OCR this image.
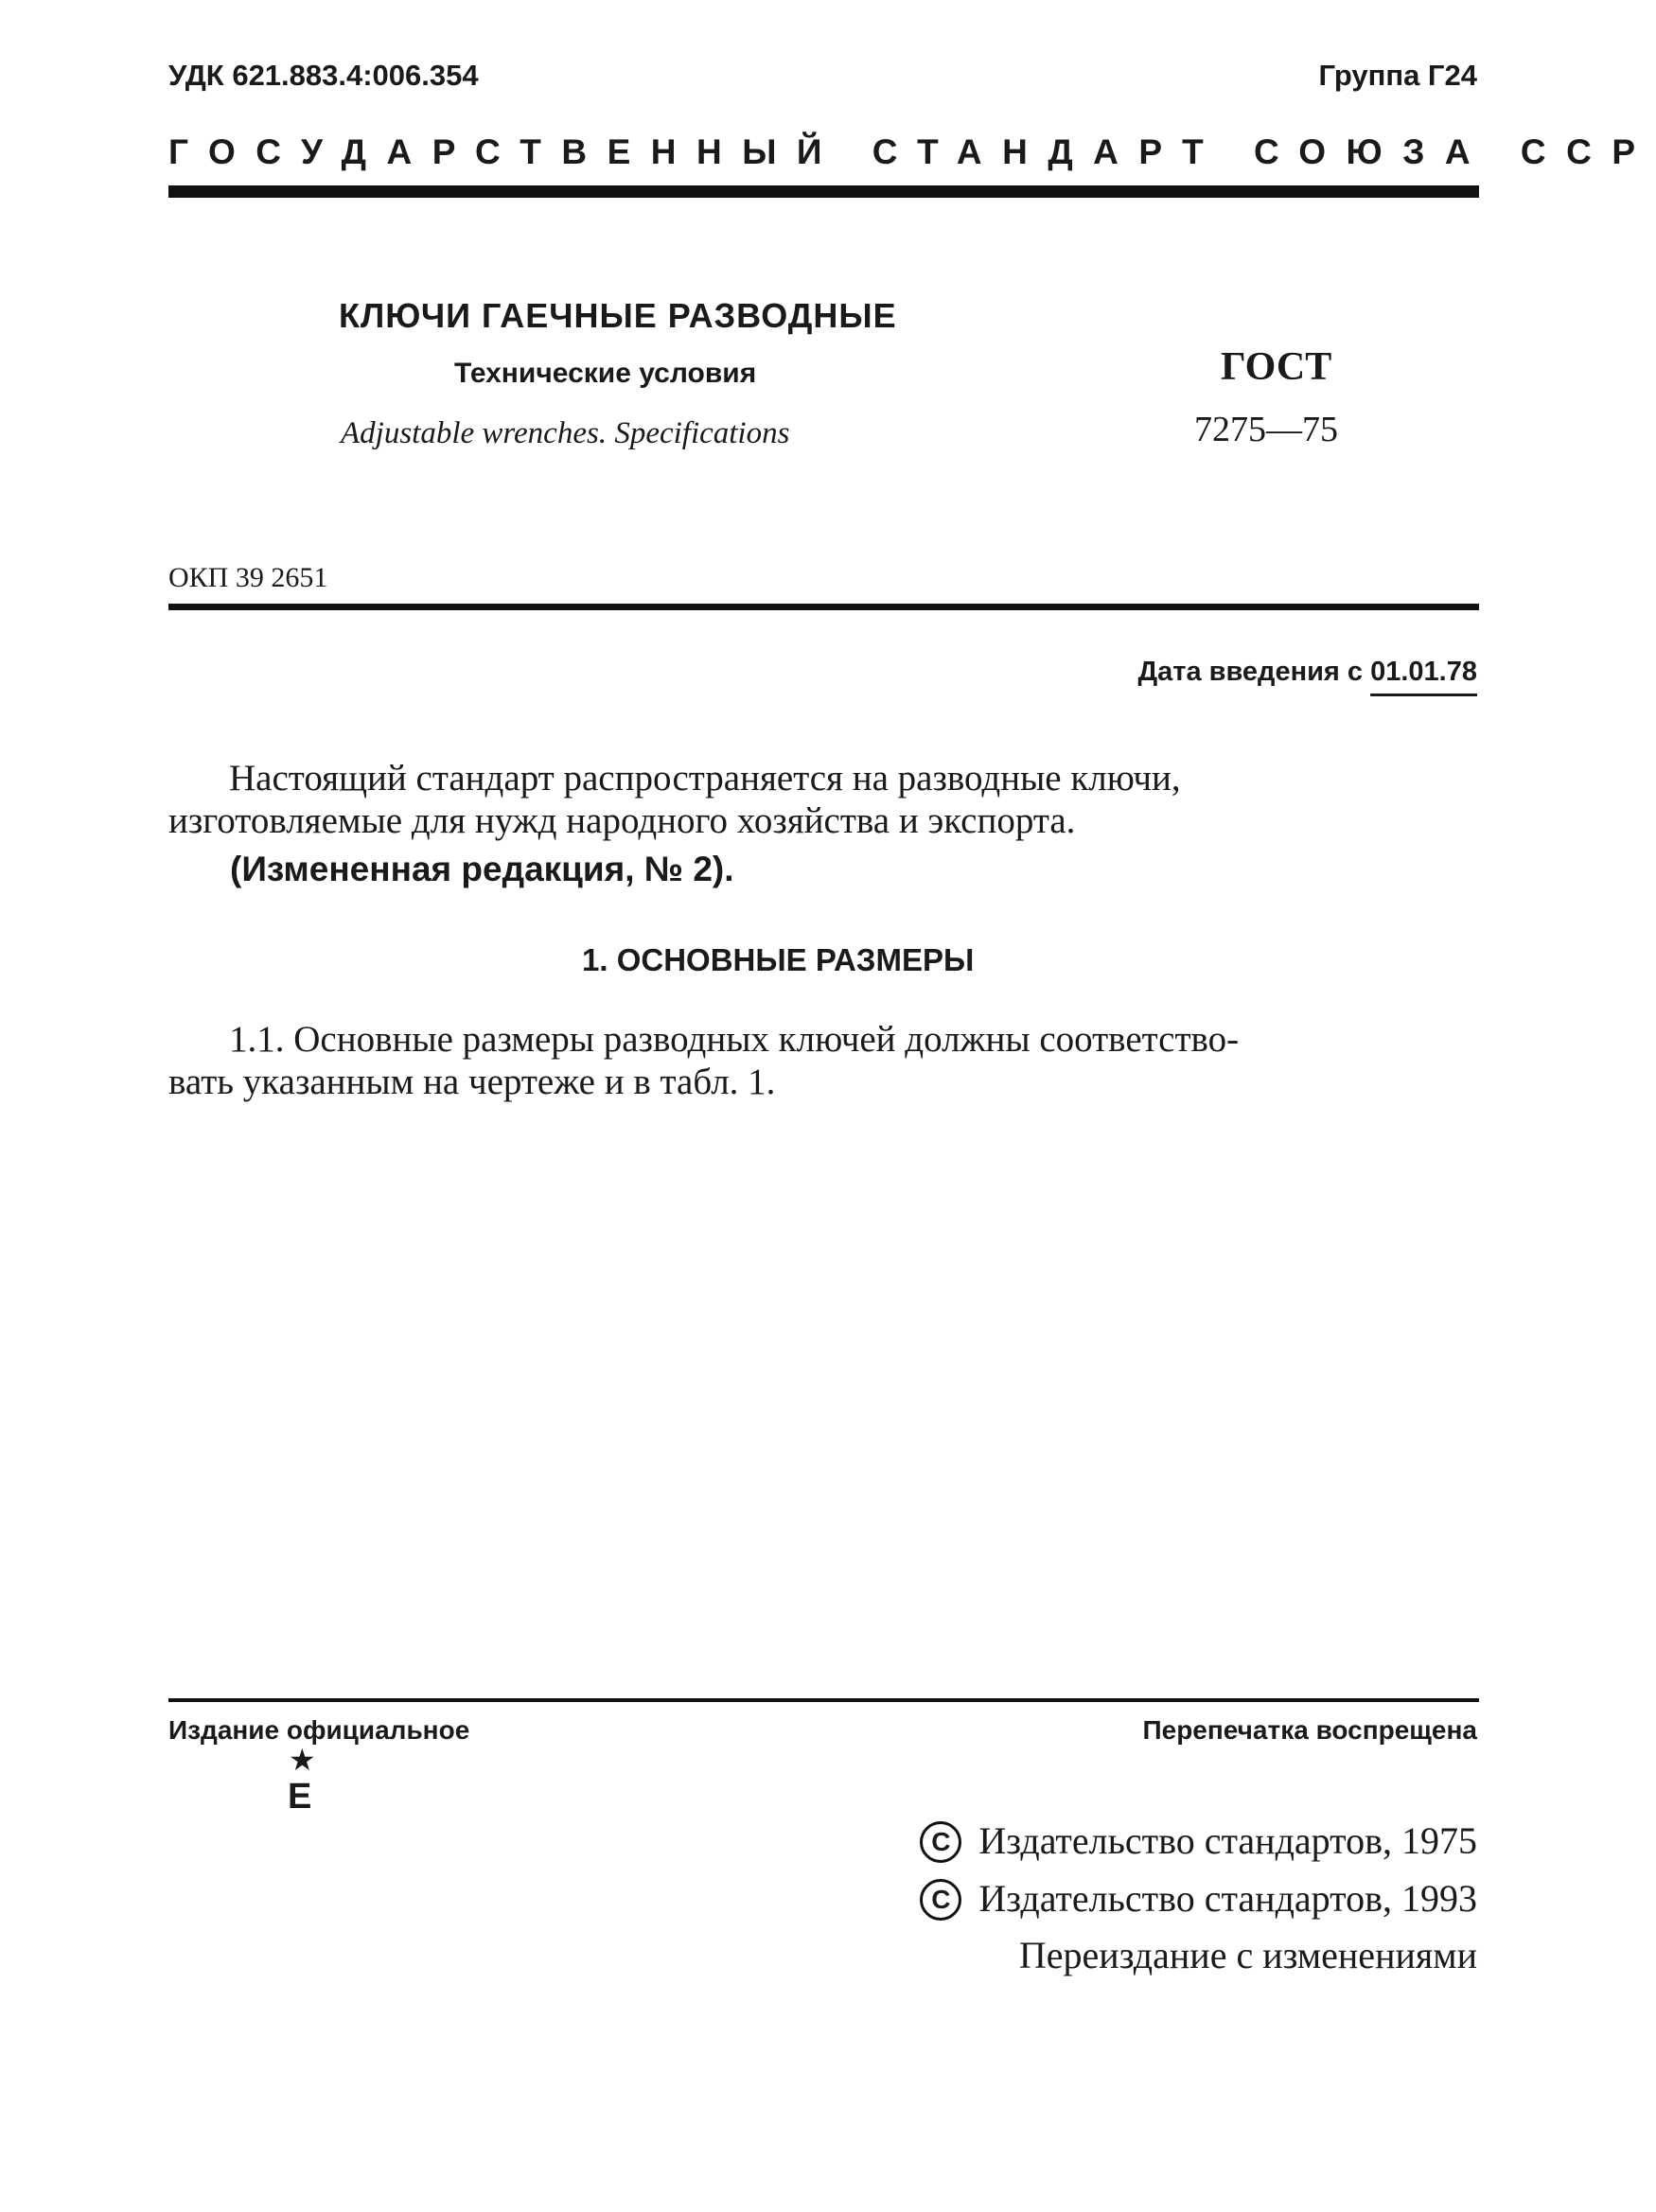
УДК 621.883.4:006.354	Группа Г24
ГОСУДАРСТВЕННЫЙ СТАНДАРТ СОЮЗА ССР
КЛЮЧИ ГАЕЧНЫЕ РАЗВОДНЫЕ
Технические условия
Adjustable wrenches. Specifications
ГОСТ
7275—75
ОКП 39 2651
Дата введения с 01.01.78
Настоящий стандарт распространяется на разводные ключи,
изготовляемые для нужд народного хозяйства и экспорта.
(Измененная редакция, № 2).
1. ОСНОВНЫЕ РАЗМЕРЫ
1.1. Основные размеры разводных ключей должны соответство-
вать указанным на чертеже и в табл. 1.
Издание официальное	Перепечатка воспрещена
★
E
C Издательство стандартов, 1975
C Издательство стандартов, 1993
Переиздание с изменениями
